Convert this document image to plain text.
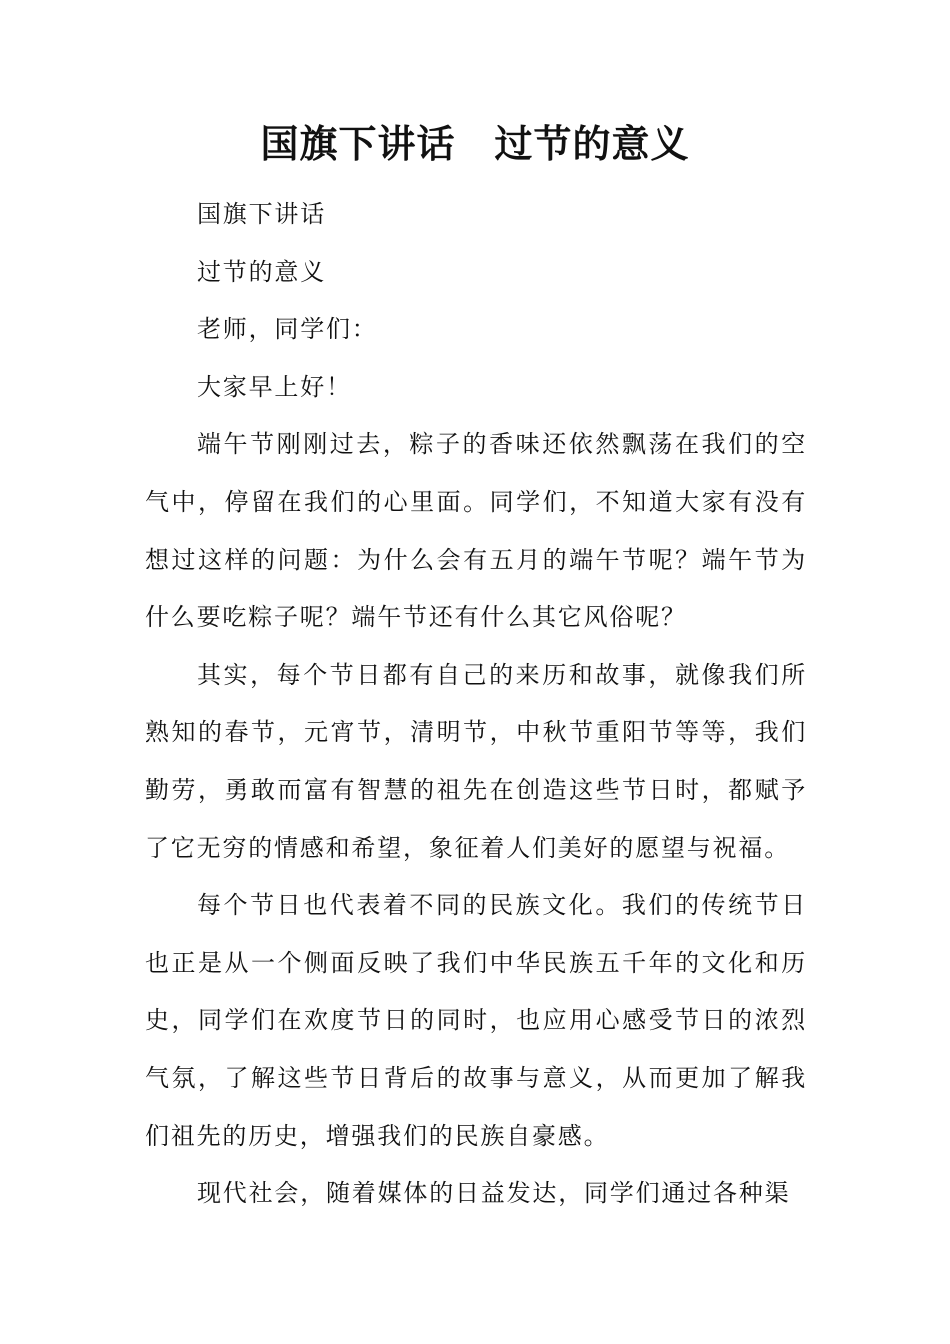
国旗下讲话　过节的意义

国旗下讲话

过节的意义

老师，同学们：

大家早上好！

端午节刚刚过去，粽子的香味还依然飘荡在我们的空气中，停留在我们的心里面。同学们，不知道大家有没有想过这样的问题：为什么会有五月的端午节呢？端午节为什么要吃粽子呢？端午节还有什么其它风俗呢？

其实，每个节日都有自己的来历和故事，就像我们所熟知的春节，元宵节，清明节，中秋节重阳节等等，我们勤劳，勇敢而富有智慧的祖先在创造这些节日时，都赋予了它无穷的情感和希望，象征着人们美好的愿望与祝福。

每个节日也代表着不同的民族文化。我们的传统节日也正是从一个侧面反映了我们中华民族五千年的文化和历史，同学们在欢度节日的同时，也应用心感受节日的浓烈气氛，了解这些节日背后的故事与意义，从而更加了解我们祖先的历史，增强我们的民族自豪感。

现代社会，随着媒体的日益发达，同学们通过各种渠
